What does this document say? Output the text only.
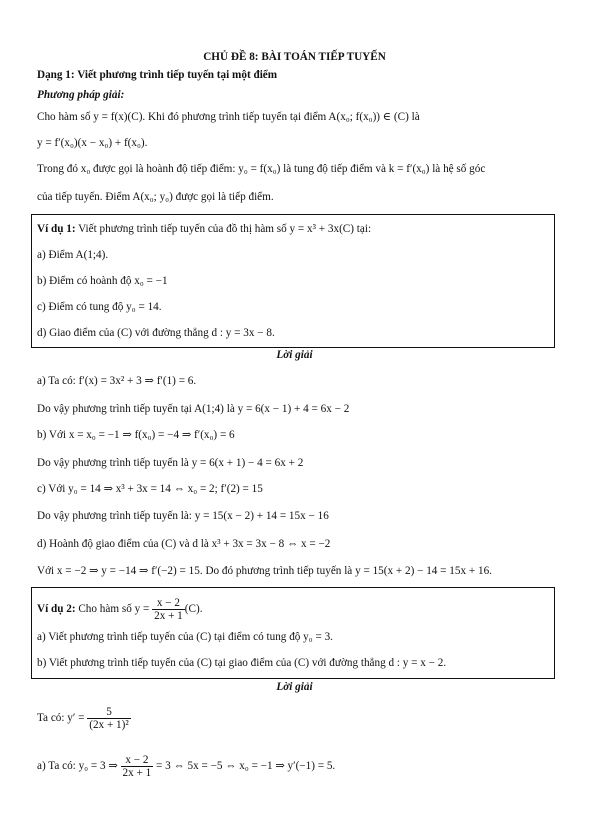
CHỦ ĐỀ 8: BÀI TOÁN TIẾP TUYẾN
Dạng 1: Viết phương trình tiếp tuyến tại một điểm
Phương pháp giải:
Cho hàm số y = f(x)(C). Khi đó phương trình tiếp tuyến tại điểm A(x₀; f(x₀)) ∈ (C) là
y = f′(x₀)(x − x₀) + f(x₀).
Trong đó x₀ được gọi là hoành độ tiếp điểm: y₀ = f(x₀) là tung độ tiếp điểm và k = f′(x₀) là hệ số góc
của tiếp tuyến. Điểm A(x₀; y₀) được gọi là tiếp điểm.
Ví dụ 1: Viết phương trình tiếp tuyến của đồ thị hàm số y = x³ + 3x(C) tại:
a) Điểm A(1;4).
b) Điểm có hoành độ x₀ = −1
c) Điểm có tung độ y₀ = 14.
d) Giao điểm của (C) với đường thẳng d : y = 3x − 8.
Lời giải
a) Ta có: f′(x) = 3x² + 3 ⇒ f′(1) = 6.
Do vậy phương trình tiếp tuyến tại A(1;4) là y = 6(x − 1) + 4 = 6x − 2
b) Với x = x₀ = −1 ⇒ f(x₀) = −4 ⇒ f′(x₀) = 6
Do vậy phương trình tiếp tuyến là y = 6(x + 1) − 4 = 6x + 2
c) Với y₀ = 14 ⇒ x³ + 3x = 14 ⇔ x₀ = 2; f′(2) = 15
Do vậy phương trình tiếp tuyến là: y = 15(x − 2) + 14 = 15x − 16
d) Hoành độ giao điểm của (C) và d là x³ + 3x = 3x − 8 ⇔ x = −2
Với x = −2 ⇒ y = −14 ⇒ f′(−2) = 15. Do đó phương trình tiếp tuyến là y = 15(x + 2) − 14 = 15x + 16.
Ví dụ 2: Cho hàm số $y = \frac{x - 2}{2x + 1} (C)$.
a) Viết phương trình tiếp tuyến của (C) tại điểm có tung độ y₀ = 3.
b) Viết phương trình tiếp tuyến của (C) tại giao điểm của (C) với đường thẳng d : y = x − 2.
Lời giải
Ta có: $y' = \frac{5}{\text{(2x + 1)²}}$
a) Ta có: y₀ = 3 ⇒ $\frac{x - 2}{2x + 1} = 3$ ⇔ 5x = −5 ⇔ x₀ = −1 ⇒ y′(−1) = 5.
